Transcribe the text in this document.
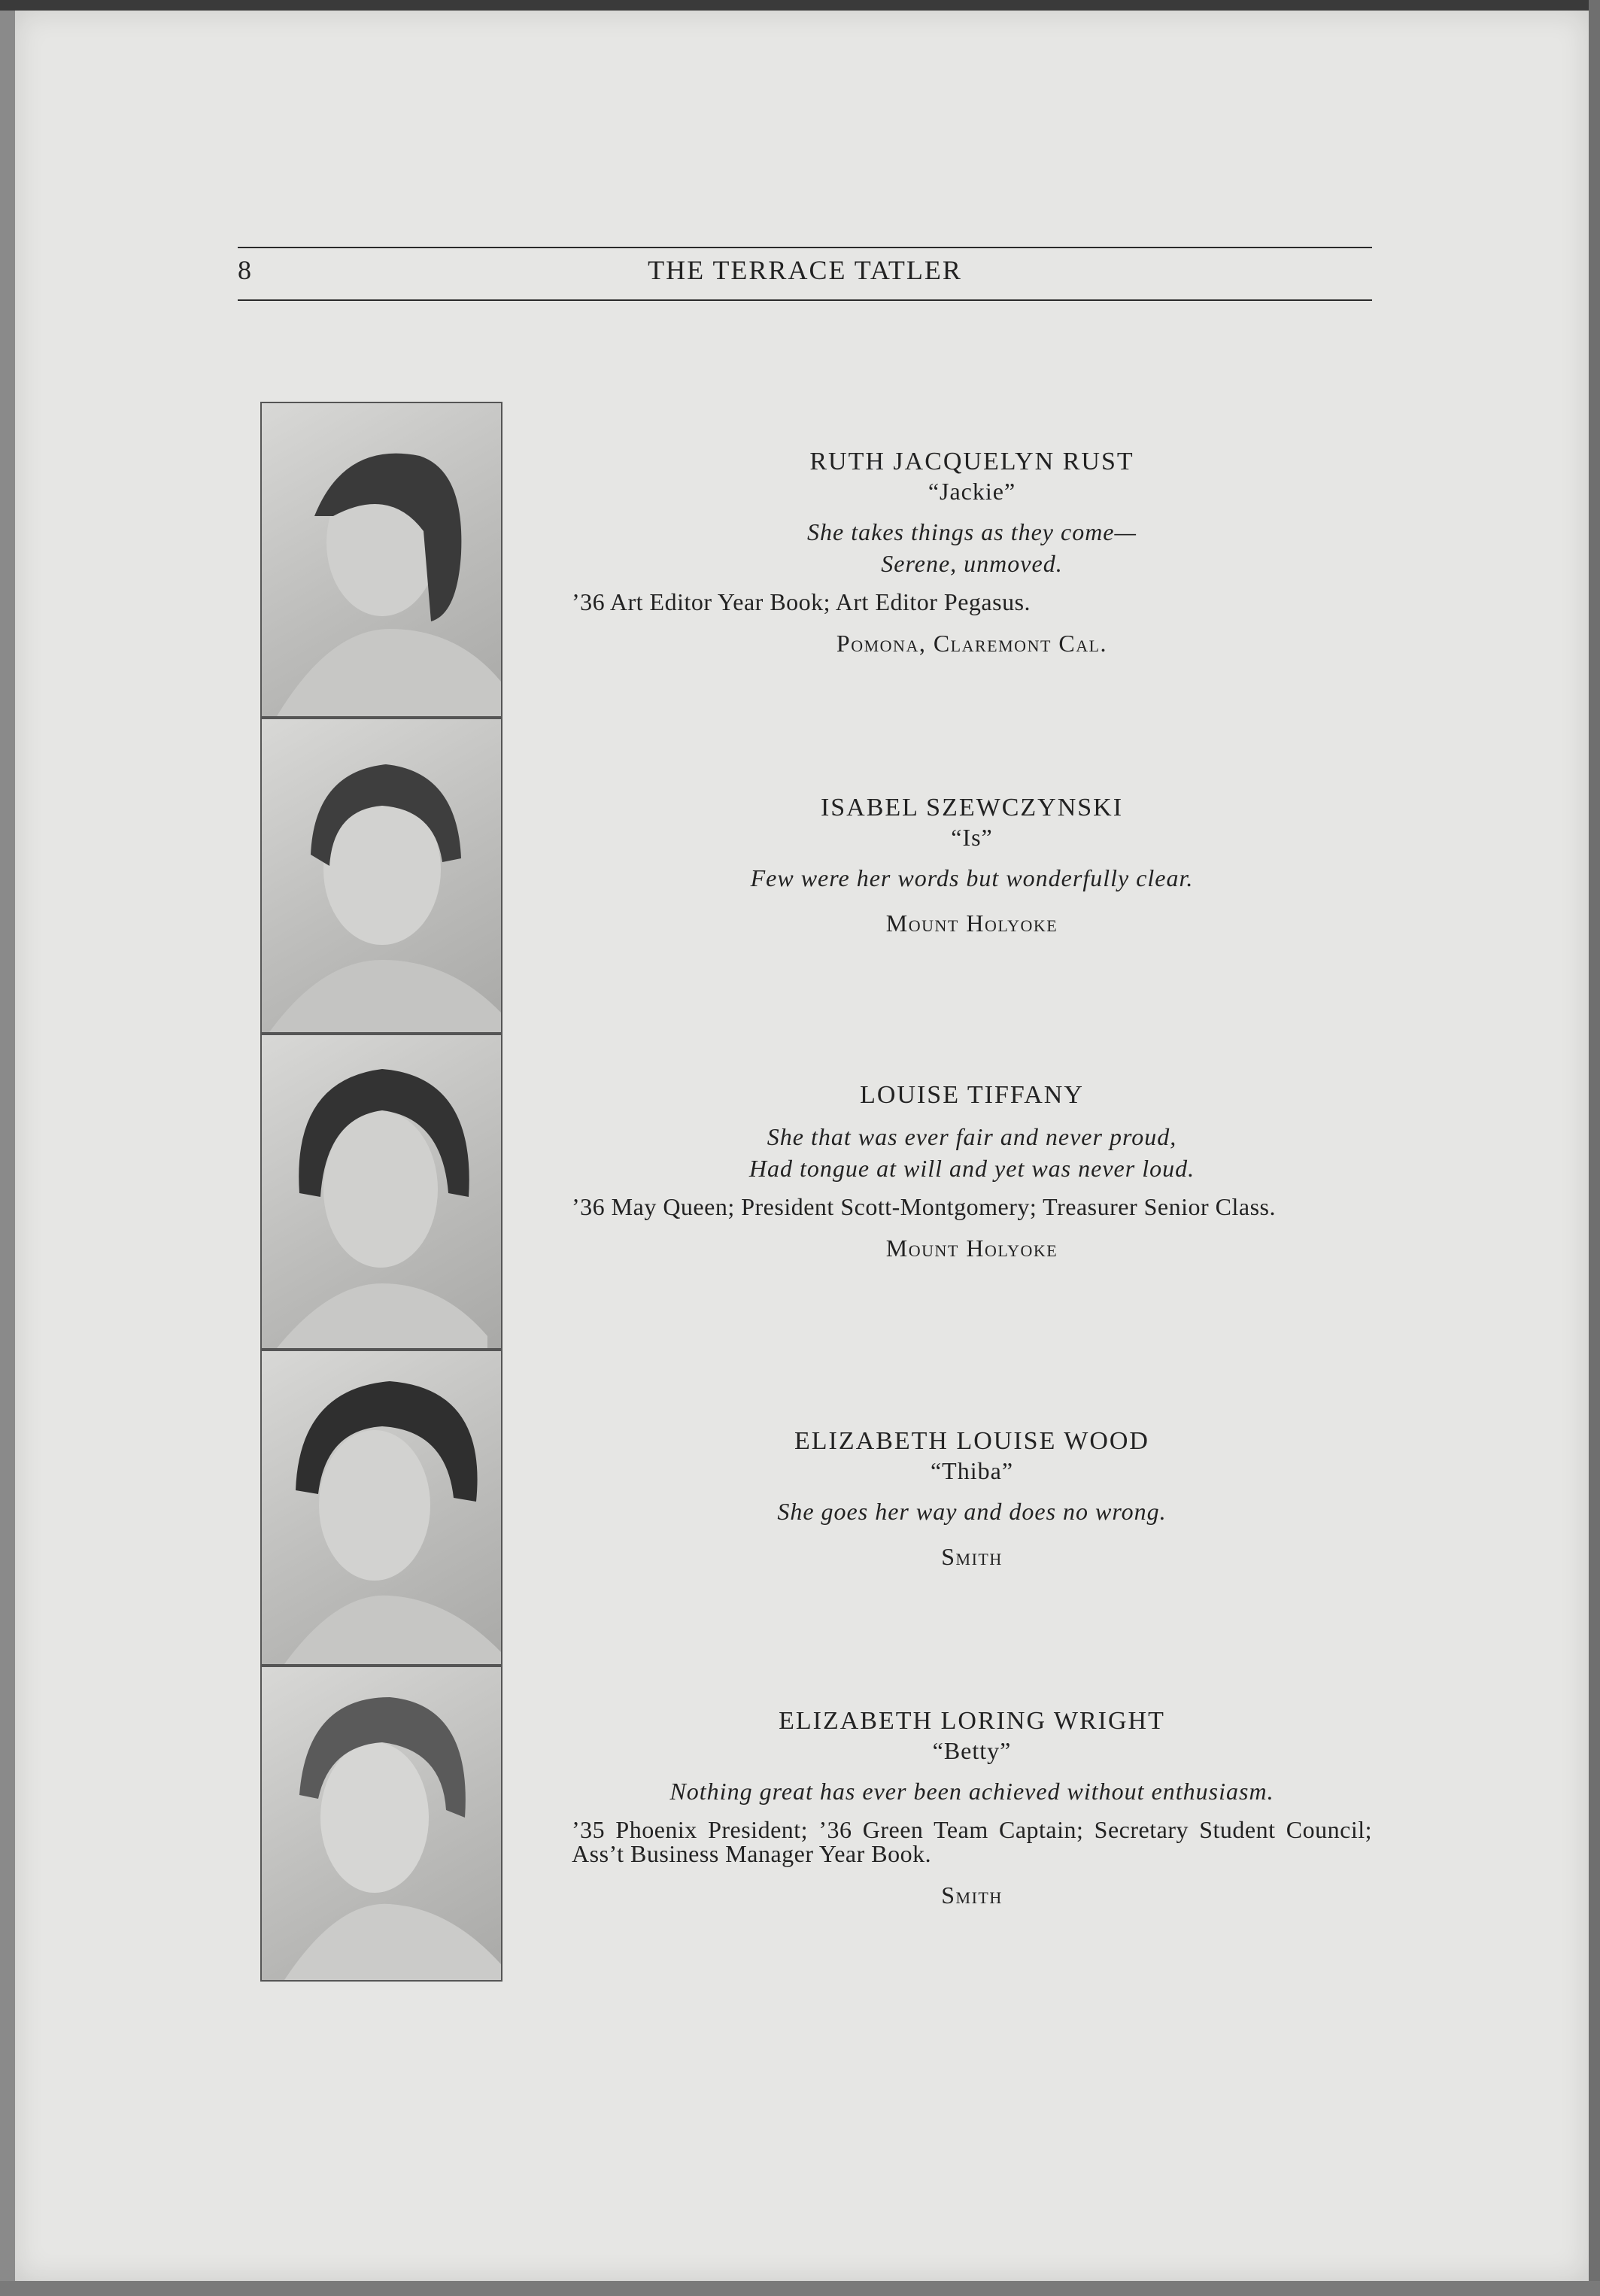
8	THE TERRACE TATLER
RUTH JACQUELYN RUST
“Jackie”
She takes things as they come—
Serene, unmoved.
’36 Art Editor Year Book; Art Editor Pegasus.
Pomona, Claremont Cal.
ISABEL SZEWCZYNSKI
“Is”
Few were her words but wonderfully clear.
Mount Holyoke
LOUISE TIFFANY
She that was ever fair and never proud,
Had tongue at will and yet was never loud.
’36 May Queen; President Scott-Montgomery; Treasurer Senior Class.
Mount Holyoke
ELIZABETH LOUISE WOOD
“Thiba”
She goes her way and does no wrong.
Smith
ELIZABETH LORING WRIGHT
“Betty”
Nothing great has ever been achieved without enthusiasm.
’35 Phoenix President; ’36 Green Team Captain; Secretary Student Council; Ass’t Business Manager Year Book.
Smith
